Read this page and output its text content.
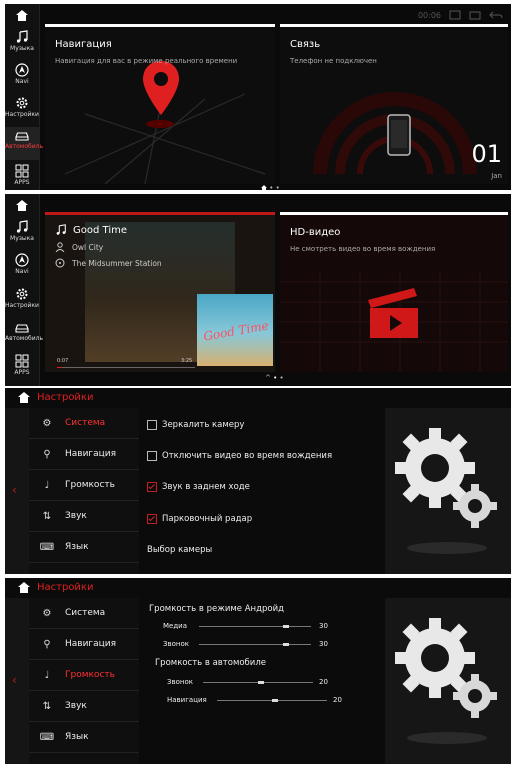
Музыка
Navi
Настройки
Автомобиль
APPS
00:06
Навигация
Навигация для вас в режиме реального времени
Связь
Телефон не подключен
01
Jan
• •
Музыка
Navi
Настройки
Автомобиль
APPS
Good Time
Good Time
Owl City
The Midsummer Station
0:07	3:25
HD-видео
Не смотреть видео во время вождения
^ • •
Настройки
‹
⚙	Система
⚲	Навигация
♩	Громкость
⇅	Звук
⌨	Язык
Зеркалить камеру
Отключить видео во время вождения
Звук в заднем ходе
Парковочный радар
Выбор камеры
Настройки
‹
⚙	Система
⚲	Навигация
♩	Громкость
⇅	Звук
⌨	Язык
Громкость в режиме Андройд
Медиа	30
Звонок	30
Громкость в автомобиле
Звонок	20
Навигация	20
